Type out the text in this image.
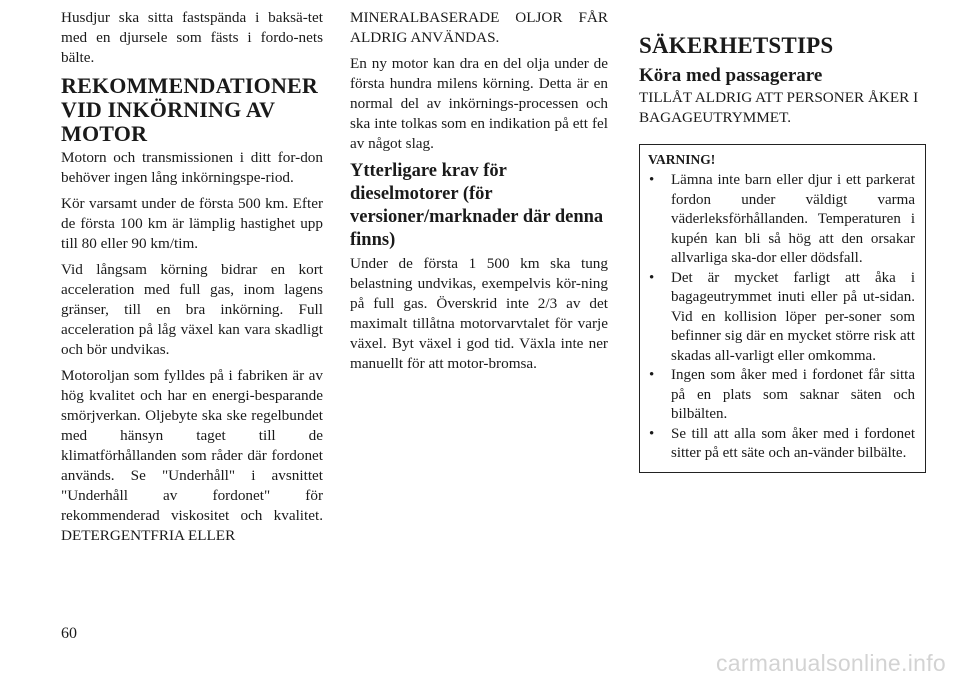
Husdjur ska sitta fastspända i baksä-tet med en djursele som fästs i fordo-nets bälte.

REKOMMENDATIONER VID INKÖRNING AV MOTOR

Motorn och transmissionen i ditt for-don behöver ingen lång inkörningspe-riod.

Kör varsamt under de första 500 km. Efter de första 100 km är lämplig hastighet upp till 80 eller 90 km/tim.

Vid långsam körning bidrar en kort acceleration med full gas, inom lagens gränser, till en bra inkörning. Full acceleration på låg växel kan vara skadligt och bör undvikas.

Motoroljan som fylldes på i fabriken är av hög kvalitet och har en energi-besparande smörjverkan. Oljebyte ska ske regelbundet med hänsyn taget till de klimatförhållanden som råder där fordonet används. Se "Underhåll" i avsnittet "Underhåll av fordonet" för rekommenderad viskositet och kvalitet. DETERGENTFRIA ELLER

MINERALBASERADE OLJOR FÅR ALDRIG ANVÄNDAS.

En ny motor kan dra en del olja under de första hundra milens körning. Detta är en normal del av inkörnings-processen och ska inte tolkas som en indikation på ett fel av något slag.

Ytterligare krav för dieselmotorer (för versioner/marknader där denna finns)

Under de första 1 500 km ska tung belastning undvikas, exempelvis kör-ning på full gas. Överskrid inte 2/3 av det maximalt tillåtna motorvarvtalet för varje växel. Byt växel i god tid. Växla inte ner manuellt för att motor-bromsa.

SÄKERHETSTIPS
Köra med passagerare

TILLÅT ALDRIG ATT PERSONER ÅKER I BAGAGEUTRYMMET.

VARNING!
• Lämna inte barn eller djur i ett parkerat fordon under väldigt varma väderleksförhållanden. Temperaturen i kupén kan bli så hög att den orsakar allvarliga ska-dor eller dödsfall.
• Det är mycket farligt att åka i bagageutrymmet inuti eller på ut-sidan. Vid en kollision löper per-soner som befinner sig där en mycket större risk att skadas all-varligt eller omkomma.
• Ingen som åker med i fordonet får sitta på en plats som saknar säten och bilbälten.
• Se till att alla som åker med i fordonet sitter på ett säte och an-vänder bilbälte.
60
carmanualsonline.info
